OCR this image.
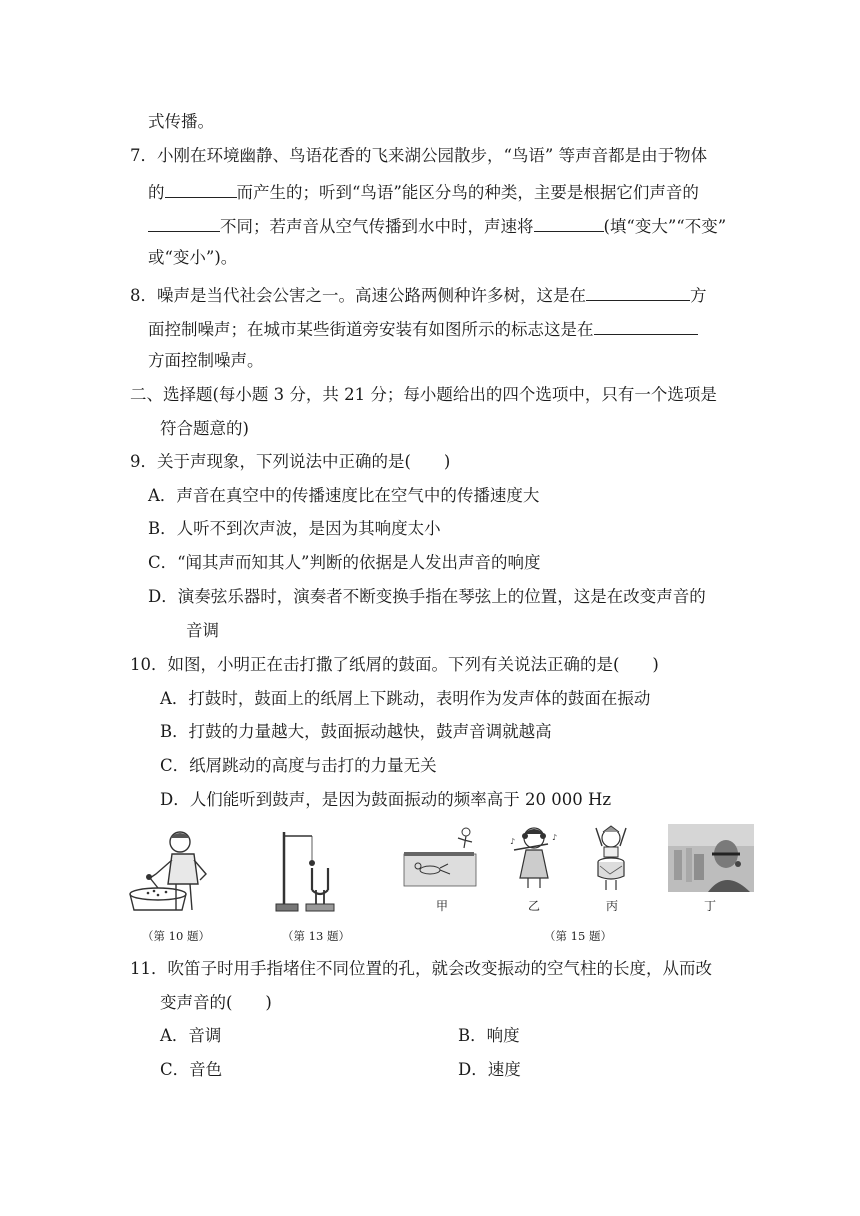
式传播。
7．小刚在环境幽静、鸟语花香的飞来湖公园散步，“鸟语” 等声音都是由于物体
的	而产生的；听到“鸟语”能区分鸟的种类，主要是根据它们声音的
不同；若声音从空气传播到水中时，声速将	(填“变大”“不变”
或“变小”)。
8．噪声是当代社会公害之一。高速公路两侧种许多树，这是在	方
面控制噪声；在城市某些街道旁安装有如图所示的标志这是在
方面控制噪声。
二、选择题(每小题 3 分，共 21 分；每小题给出的四个选项中，只有一个选项是
符合题意的)
9．关于声现象，下列说法中正确的是(　　)
A．声音在真空中的传播速度比在空气中的传播速度大
B．人听不到次声波，是因为其响度太小
C．“闻其声而知其人”判断的依据是人发出声音的响度
D．演奏弦乐器时，演奏者不断变换手指在琴弦上的位置，这是在改变声音的
音调
10．如图，小明正在击打撒了纸屑的鼓面。下列有关说法正确的是(　　)
A．打鼓时，鼓面上的纸屑上下跳动，表明作为发声体的鼓面在振动
B．打鼓的力量越大，鼓面振动越快，鼓声音调就越高
C．纸屑跳动的高度与击打的力量无关
D．人们能听到鼓声，是因为鼓面振动的频率高于 20 000 Hz
甲
♪	♪
乙	丙	丁
（第 10 题）	（第 13 题）	（第 15 题）
11．吹笛子时用手指堵住不同位置的孔，就会改变振动的空气柱的长度，从而改
变声音的(　　)
A．音调	B．响度
C．音色	D．速度
